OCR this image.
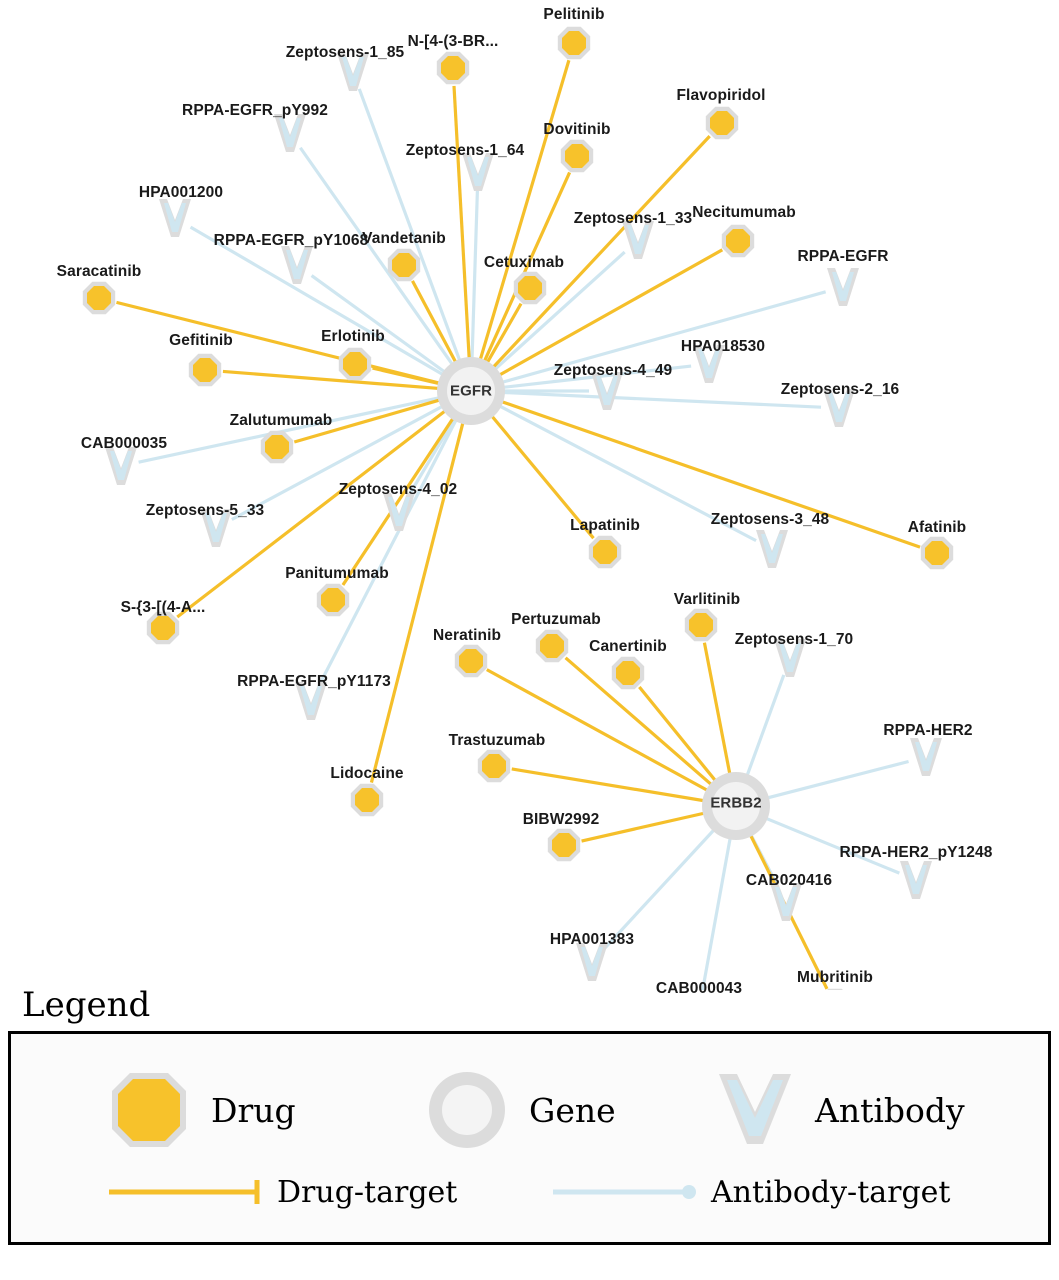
Zeptosens-1_85
RPPA-EGFR_pY992
Zeptosens-1_64
HPA001200
Zeptosens-1_33
RPPA-EGFR_pY1068
RPPA-EGFR
HPA018530
Zeptosens-4_49
Zeptosens-2_16
CAB000035
Zeptosens-4_02
Zeptosens-5_33
Zeptosens-3_48
RPPA-EGFR_pY1173
Zeptosens-1_70
RPPA-HER2
RPPA-HER2_pY1248
CAB020416
HPA001383
CAB000043
Pelitinib
N-[4-(3-BR...
Flavopiridol
Dovitinib
Necitumumab
Vandetanib
Cetuximab
Saracatinib
Gefitinib	Erlotinib
Zalutumumab
Afatinib
Lapatinib
Varlitinib
Panitumumab
S-{3-[(4-A...
Pertuzumab
Neratinib
Canertinib
Trastuzumab
Lidocaine
BIBW2992
Mubritinib
EGFR
ERBB2
Legend
Drug	Gene	Antibody
Drug-target	Antibody-target
